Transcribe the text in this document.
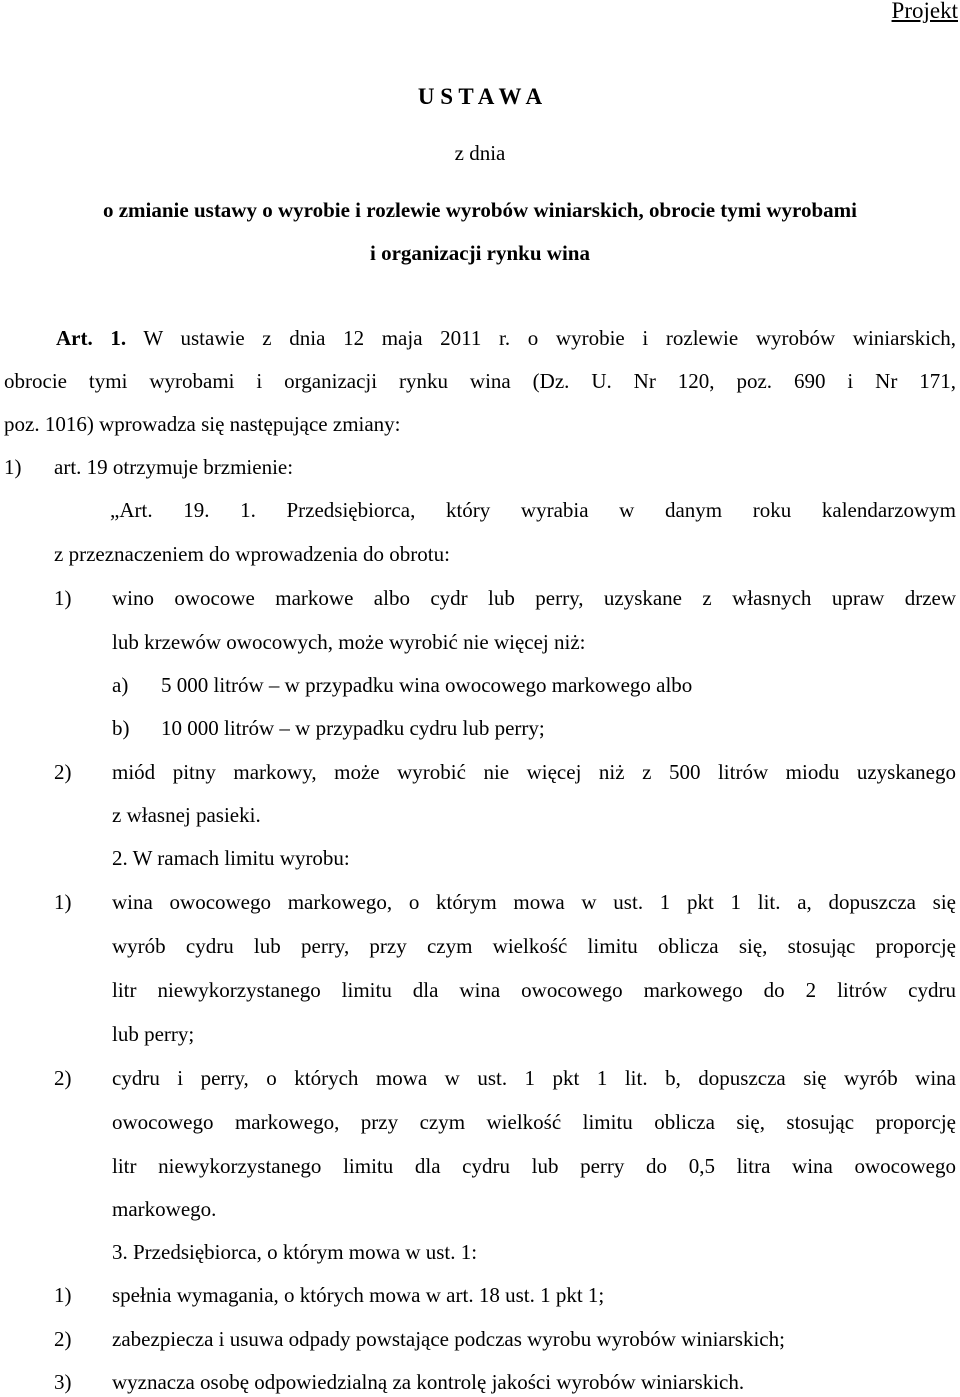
Projekt
U S T A W A
z dnia
o zmianie ustawy o wyrobie i rozlewie wyrobów winiarskich, obrocie tymi wyrobami
i organizacji rynku wina
Art. 1. W ustawie z dnia 12 maja 2011 r. o wyrobie i rozlewie wyrobów winiarskich,
obrocie tymi wyrobami i organizacji rynku wina (Dz. U. Nr 120, poz. 690 i Nr 171,
poz. 1016) wprowadza się następujące zmiany:
1) art. 19 otrzymuje brzmienie:
„Art. 19. 1. Przedsiębiorca, który wyrabia w danym roku kalendarzowym
z przeznaczeniem do wprowadzenia do obrotu:
1) wino owocowe markowe albo cydr lub perry, uzyskane z własnych upraw drzew
lub krzewów owocowych, może wyrobić nie więcej niż:
a) 5 000 litrów – w przypadku wina owocowego markowego albo
b) 10 000 litrów – w przypadku cydru lub perry;
2) miód pitny markowy, może wyrobić nie więcej niż z 500 litrów miodu uzyskanego
z własnej pasieki.
2. W ramach limitu wyrobu:
1) wina owocowego markowego, o którym mowa w ust. 1 pkt 1 lit. a, dopuszcza się
wyrób cydru lub perry, przy czym wielkość limitu oblicza się, stosując proporcję
litr niewykorzystanego limitu dla wina owocowego markowego do 2 litrów cydru
lub perry;
2) cydru i perry, o których mowa w ust. 1 pkt 1 lit. b, dopuszcza się wyrób wina
owocowego markowego, przy czym wielkość limitu oblicza się, stosując proporcję
litr niewykorzystanego limitu dla cydru lub perry do 0,5 litra wina owocowego
markowego.
3. Przedsiębiorca, o którym mowa w ust. 1:
1) spełnia wymagania, o których mowa w art. 18 ust. 1 pkt 1;
2) zabezpiecza i usuwa odpady powstające podczas wyrobu wyrobów winiarskich;
3) wyznacza osobę odpowiedzialną za kontrolę jakości wyrobów winiarskich.
